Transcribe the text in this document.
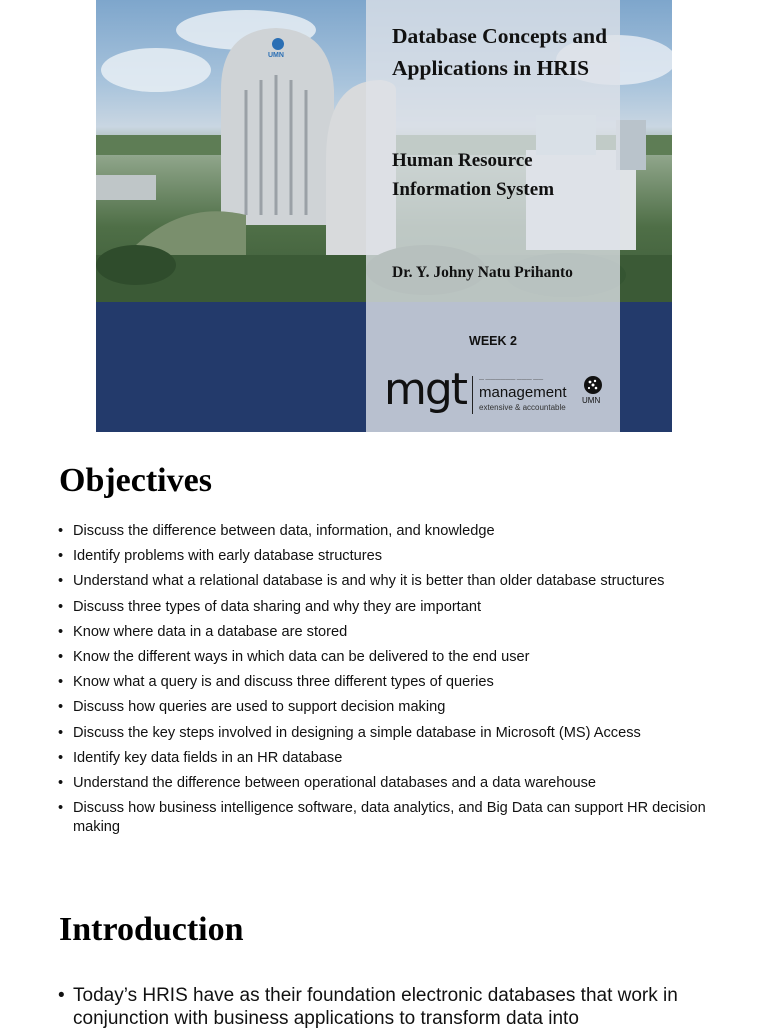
UMN
Database Concepts and Applications in HRIS
Human Resource Information System
Dr. Y. Johny Natu Prihanto
WEEK 2
mgt	― ―――――― ――― ――
management
extensive & accountable
UMN
Objectives
• Discuss the difference between data, information, and knowledge
• Identify problems with early database structures
• Understand what a relational database is and why it is better than older database structures
• Discuss three types of data sharing and why they are important
• Know where data in a database are stored
• Know the different ways in which data can be delivered to the end user
• Know what a query is and discuss three different types of queries
• Discuss how queries are used to support decision making
• Discuss the key steps involved in designing a simple database in Microsoft (MS) Access
• Identify key data fields in an HR database
• Understand the difference between operational databases and a data warehouse
• Discuss how business intelligence software, data analytics, and Big Data can support HR decision making
Introduction
• Today’s HRIS have as their foundation electronic databases that work in conjunction with business applications to transform data into
